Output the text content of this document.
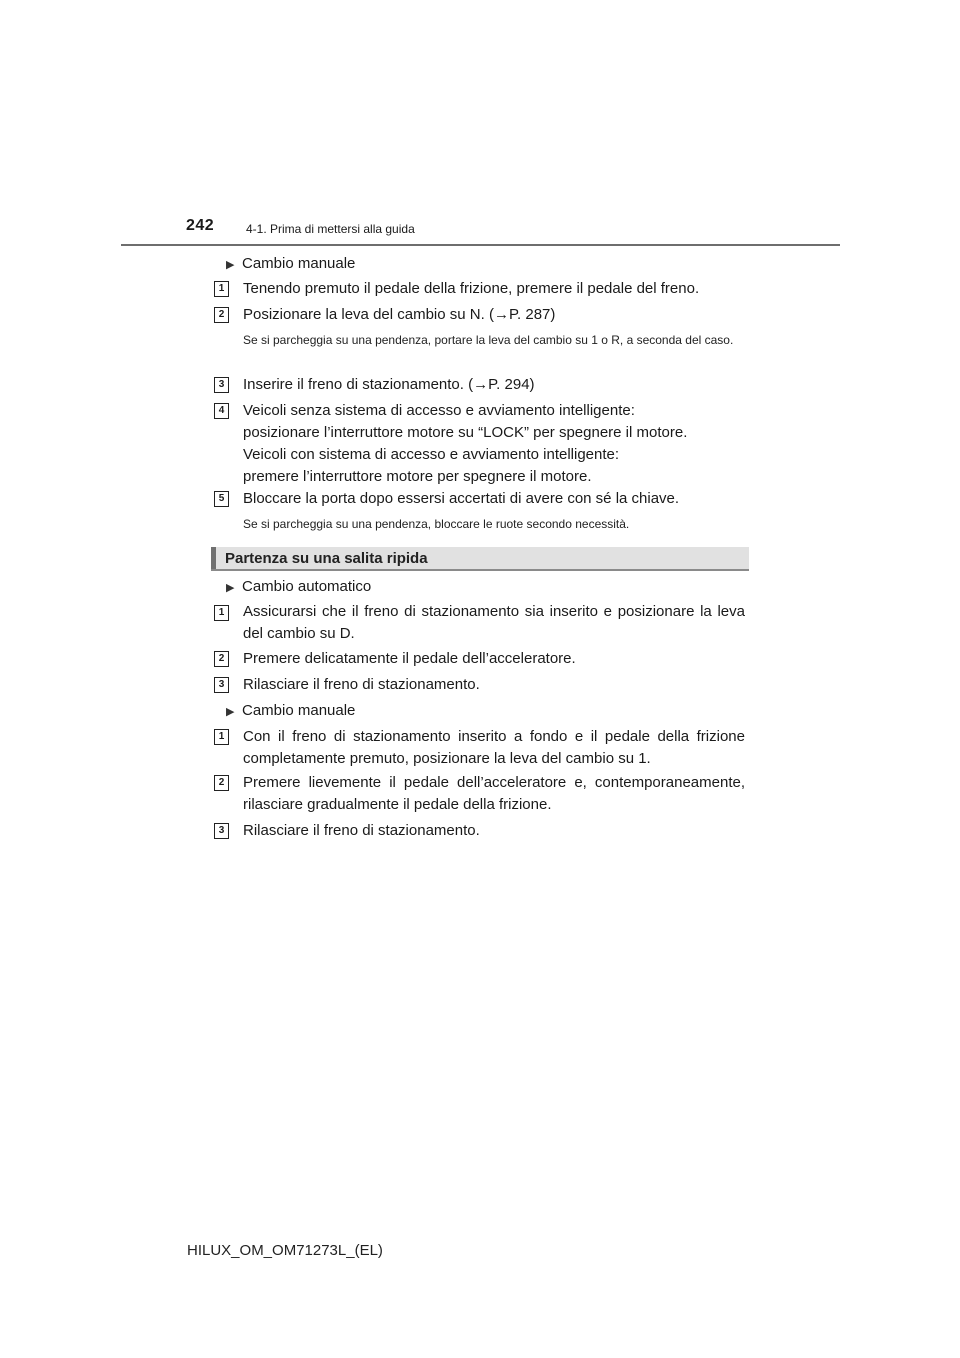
242	4-1. Prima di mettersi alla guida
▶ Cambio manuale
1	Tenendo premuto il pedale della frizione, premere il pedale del freno.
2	Posizionare la leva del cambio su N. (→P. 287)
Se si parcheggia su una pendenza, portare la leva del cambio su 1 o R, a seconda del caso.
3	Inserire il freno di stazionamento. (→P. 294)
4	Veicoli senza sistema di accesso e avviamento intelligente:
posizionare l’interruttore motore su “LOCK” per spegnere il motore.
Veicoli con sistema di accesso e avviamento intelligente:
premere l’interruttore motore per spegnere il motore.
5	Bloccare la porta dopo essersi accertati di avere con sé la chiave.
Se si parcheggia su una pendenza, bloccare le ruote secondo necessità.
Partenza su una salita ripida
▶ Cambio automatico
1	Assicurarsi che il freno di stazionamento sia inserito e posizionare la leva del cambio su D.
2	Premere delicatamente il pedale dell’acceleratore.
3	Rilasciare il freno di stazionamento.
▶ Cambio manuale
1	Con il freno di stazionamento inserito a fondo e il pedale della frizione completamente premuto, posizionare la leva del cambio su 1.
2	Premere lievemente il pedale dell’acceleratore e, contemporaneamente, rilasciare gradualmente il pedale della frizione.
3	Rilasciare il freno di stazionamento.
HILUX_OM_OM71273L_(EL)
